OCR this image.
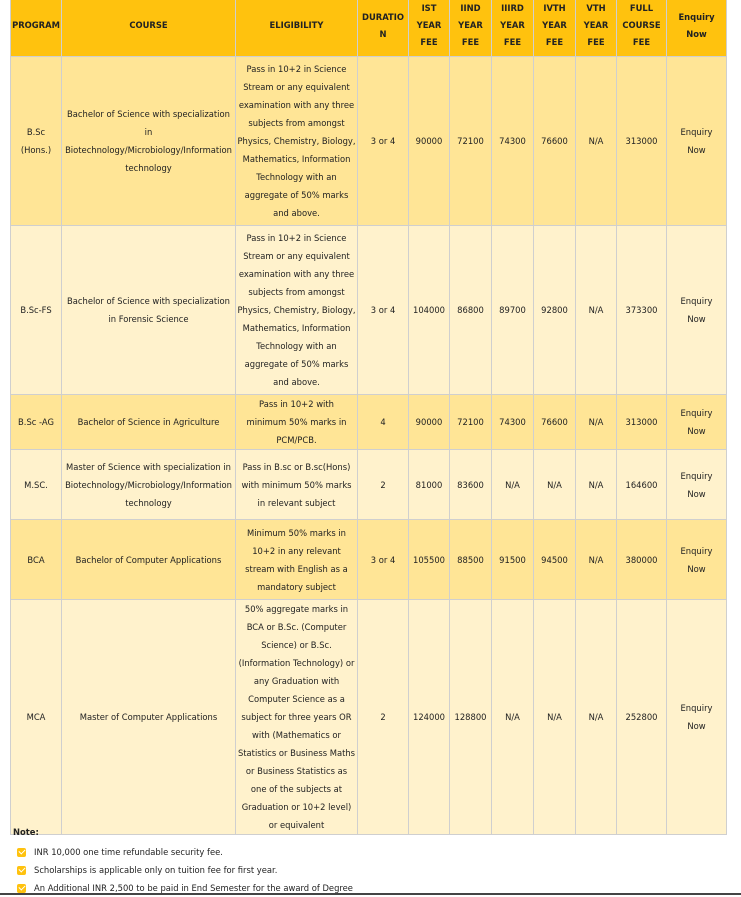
PROGRAM	COURSE	ELIGIBILITY	DURATION	IST YEAR FEE	IIND YEAR FEE	IIIRD YEAR FEE	IVTH YEAR FEE	VTH YEAR FEE	FULL COURSE FEE	Enquiry Now
B.Sc (Hons.)	Bachelor of Science with specialization in Biotechnology/Microbiology/Information technology	Pass in 10+2 in Science Stream or any equivalent examination with any three subjects from amongst Physics, Chemistry, Biology, Mathematics, Information Technology with an aggregate of 50% marks and above.	3 or 4	90000	72100	74300	76600	N/A	313000	Enquiry Now
B.Sc-FS	Bachelor of Science with specialization in Forensic Science	Pass in 10+2 in Science Stream or any equivalent examination with any three subjects from amongst Physics, Chemistry, Biology, Mathematics, Information Technology with an aggregate of 50% marks and above.	3 or 4	104000	86800	89700	92800	N/A	373300	Enquiry Now
B.Sc -AG	Bachelor of Science in Agriculture	Pass in 10+2 with minimum 50% marks in PCM/PCB.	4	90000	72100	74300	76600	N/A	313000	Enquiry Now
M.SC.	Master of Science with specialization in Biotechnology/Microbiology/Information technology	Pass in B.sc or B.sc(Hons) with minimum 50% marks in relevant subject	2	81000	83600	N/A	N/A	N/A	164600	Enquiry Now
BCA	Bachelor of Computer Applications	Minimum 50% marks in 10+2 in any relevant stream with English as a mandatory subject	3 or 4	105500	88500	91500	94500	N/A	380000	Enquiry Now
MCA	Master of Computer Applications	50% aggregate marks in BCA or B.Sc. (Computer Science) or B.Sc. (Information Technology) or any Graduation with Computer Science as a subject for three years OR with (Mathematics or Statistics or Business Maths or Business Statistics as one of the subjects at Graduation or 10+2 level) or equivalent	2	124000	128800	N/A	N/A	N/A	252800	Enquiry Now
Note:
INR 10,000 one time refundable security fee.
Scholarships is applicable only on tuition fee for first year.
An Additional INR 2,500 to be paid in End Semester for the award of Degree
